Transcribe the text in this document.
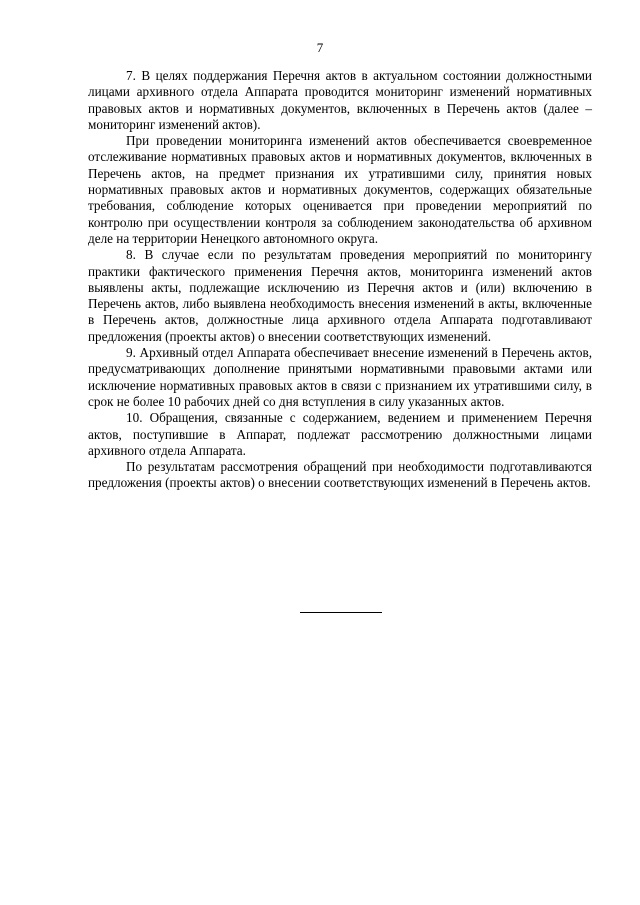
7

7. В целях поддержания Перечня актов в актуальном состоянии должностными лицами архивного отдела Аппарата проводится мониторинг изменений нормативных правовых актов и нормативных документов, включенных в Перечень актов (далее – мониторинг изменений актов).

При проведении мониторинга изменений актов обеспечивается своевременное отслеживание нормативных правовых актов и нормативных документов, включенных в Перечень актов, на предмет признания их утратившими силу, принятия новых нормативных правовых актов и нормативных документов, содержащих обязательные требования, соблюдение которых оценивается при проведении мероприятий по контролю при осуществлении контроля за соблюдением законодательства об архивном деле на территории Ненецкого автономного округа.

8. В случае если по результатам проведения мероприятий по мониторингу практики фактического применения Перечня актов, мониторинга изменений актов выявлены акты, подлежащие исключению из Перечня актов и (или) включению в Перечень актов, либо выявлена необходимость внесения изменений в акты, включенные в Перечень актов, должностные лица архивного отдела Аппарата подготавливают предложения (проекты актов) о внесении соответствующих изменений.

9. Архивный отдел Аппарата обеспечивает внесение изменений в Перечень актов, предусматривающих дополнение принятыми нормативными правовыми актами или исключение нормативных правовых актов в связи с признанием их утратившими силу, в срок не более 10 рабочих дней со дня вступления в силу указанных актов.

10. Обращения, связанные с содержанием, ведением и применением Перечня актов, поступившие в Аппарат, подлежат рассмотрению должностными лицами архивного отдела Аппарата.

По результатам рассмотрения обращений при необходимости подготавливаются предложения (проекты актов) о внесении соответствующих изменений в Перечень актов.
